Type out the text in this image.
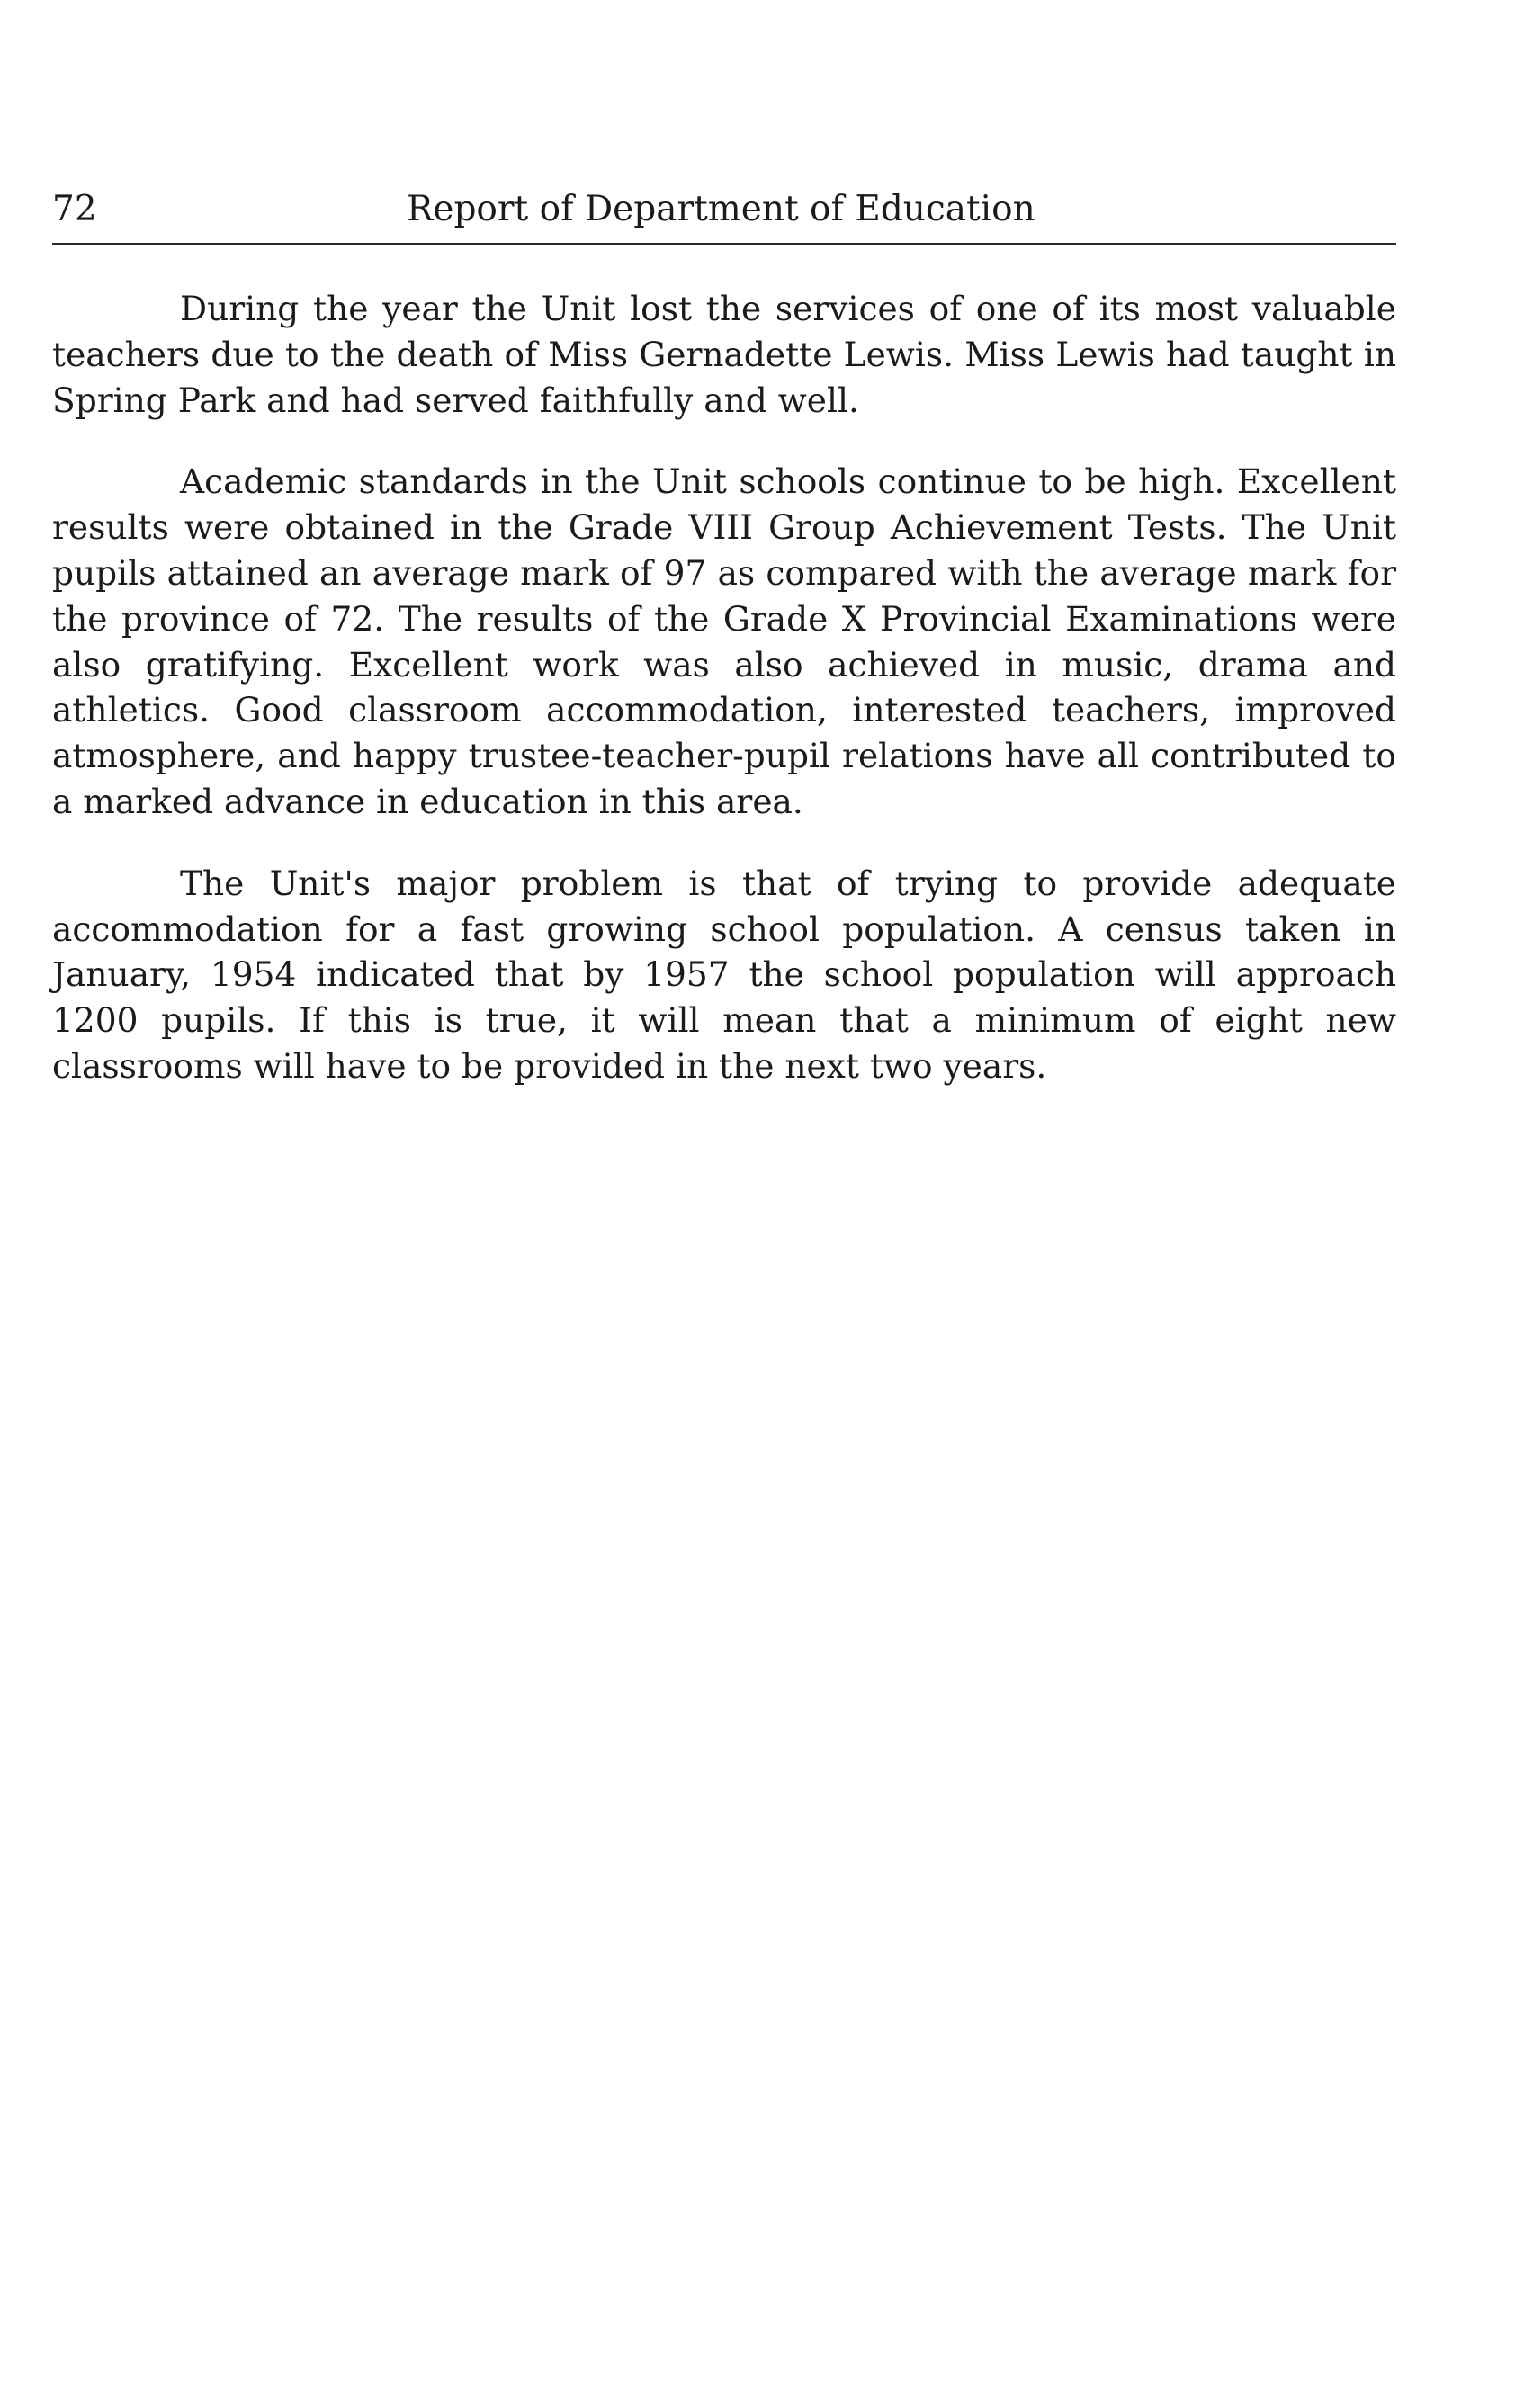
72	Report of Department of Education

During the year the Unit lost the services of one of its most valuable teachers due to the death of Miss Gernadette Lewis. Miss Lewis had taught in Spring Park and had served faithfully and well.

Academic standards in the Unit schools continue to be high. Excellent results were obtained in the Grade VIII Group Achievement Tests. The Unit pupils attained an average mark of 97 as compared with the average mark for the province of 72. The results of the Grade X Provincial Examinations were also gratifying. Excellent work was also achieved in music, drama and athletics. Good classroom accommodation, interested teachers, improved atmosphere, and happy trustee-teacher-pupil relations have all contributed to a marked advance in education in this area.

The Unit's major problem is that of trying to provide adequate accommodation for a fast growing school population. A census taken in January, 1954 indicated that by 1957 the school population will approach 1200 pupils. If this is true, it will mean that a minimum of eight new classrooms will have to be provided in the next two years.
